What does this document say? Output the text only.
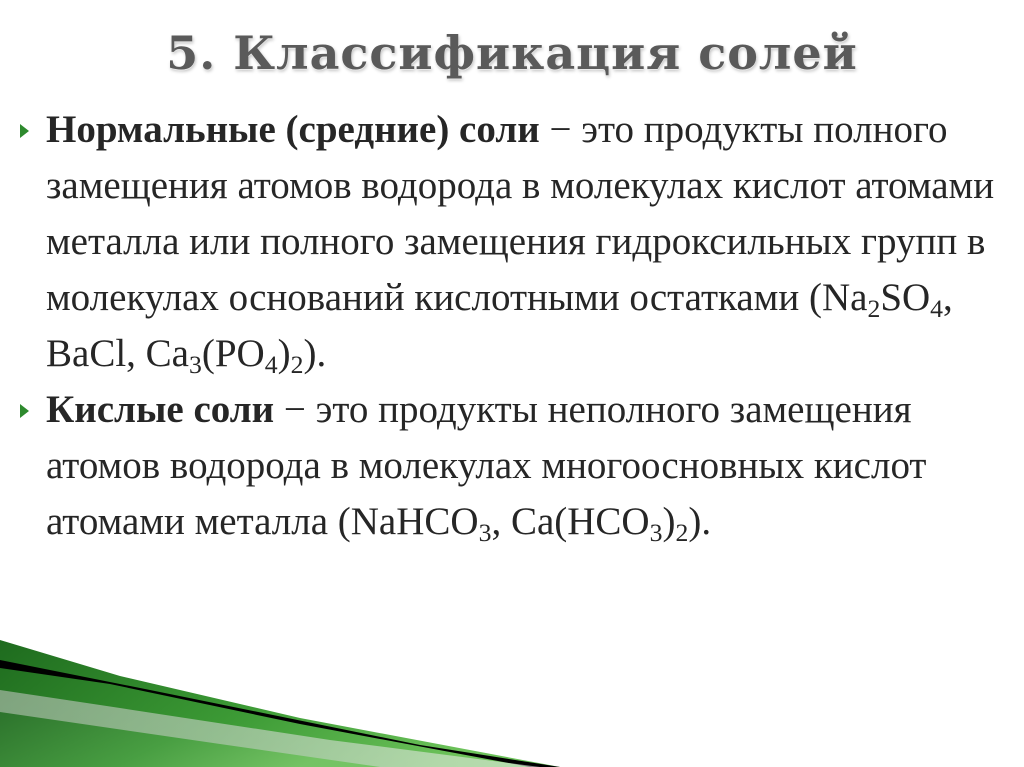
5. Классификация солей

Нормальные (средние) соли − это продукты полного замещения атомов водорода в молекулах кислот атомами металла или полного замещения гидроксильных групп в молекулах оснований кислотными остатками ($Na_2SO_4$, BaCl, $Ca_3(PO_4)_2$).

Кислые соли − это продукты неполного замещения атомов водорода в молекулах многоосновных кислот атомами металла (NaHCO$_3$, $Ca(HCO_3)_2$).
